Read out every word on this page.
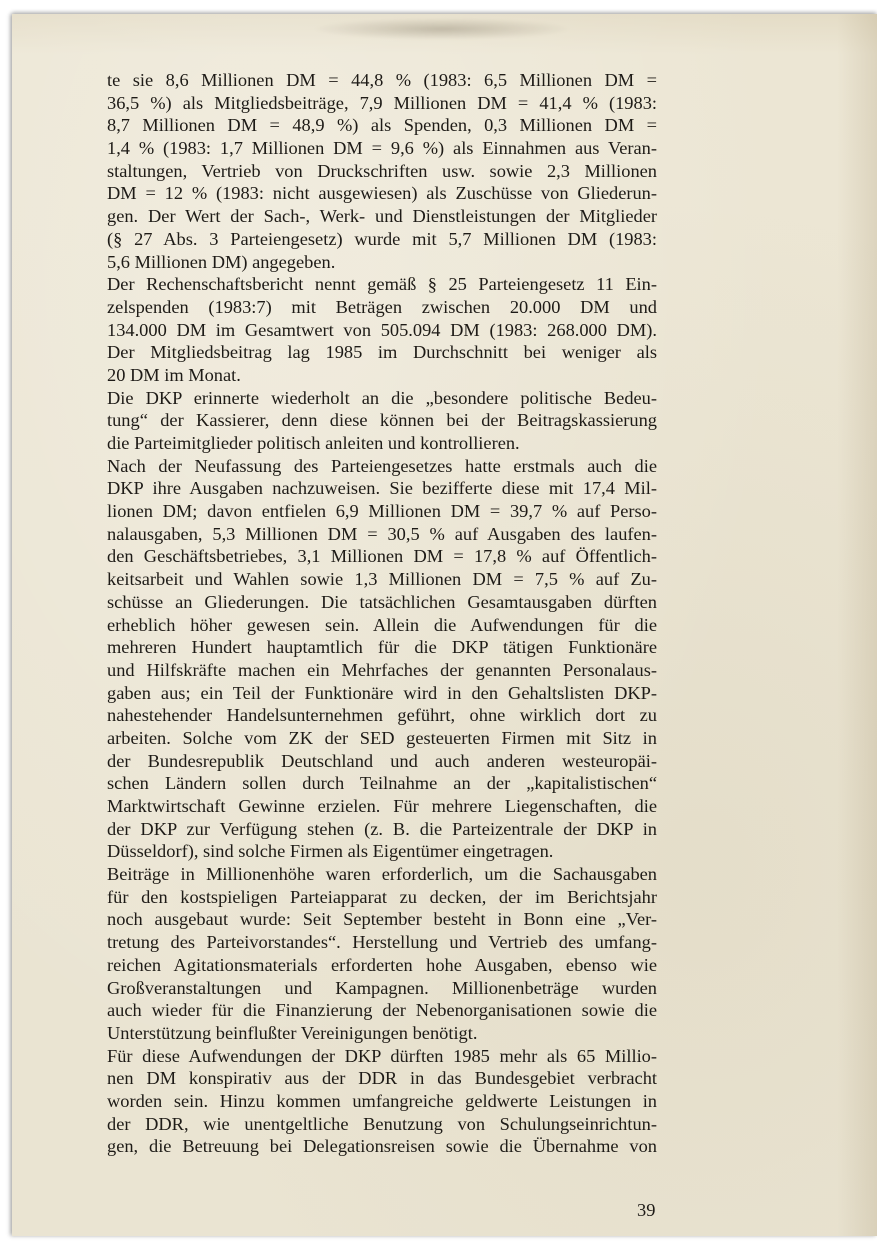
te sie 8,6 Millionen DM = 44,8 % (1983: 6,5 Millionen DM =
36,5 %) als Mitgliedsbeiträge, 7,9 Millionen DM = 41,4 % (1983:
8,7 Millionen DM = 48,9 %) als Spenden, 0,3 Millionen DM =
1,4 % (1983: 1,7 Millionen DM = 9,6 %) als Einnahmen aus Veran-
staltungen, Vertrieb von Druckschriften usw. sowie 2,3 Millionen
DM = 12 % (1983: nicht ausgewiesen) als Zuschüsse von Gliederun-
gen. Der Wert der Sach-, Werk- und Dienstleistungen der Mitglieder
(§ 27 Abs. 3 Parteiengesetz) wurde mit 5,7 Millionen DM (1983:
5,6 Millionen DM) angegeben.
Der Rechenschaftsbericht nennt gemäß § 25 Parteiengesetz 11 Ein-
zelspenden (1983:7) mit Beträgen zwischen 20.000 DM und
134.000 DM im Gesamtwert von 505.094 DM (1983: 268.000 DM).
Der Mitgliedsbeitrag lag 1985 im Durchschnitt bei weniger als
20 DM im Monat.
Die DKP erinnerte wiederholt an die „besondere politische Bedeu-
tung“ der Kassierer, denn diese können bei der Beitragskassierung
die Parteimitglieder politisch anleiten und kontrollieren.
Nach der Neufassung des Parteiengesetzes hatte erstmals auch die
DKP ihre Ausgaben nachzuweisen. Sie bezifferte diese mit 17,4 Mil-
lionen DM; davon entfielen 6,9 Millionen DM = 39,7 % auf Perso-
nalausgaben, 5,3 Millionen DM = 30,5 % auf Ausgaben des laufen-
den Geschäftsbetriebes, 3,1 Millionen DM = 17,8 % auf Öffentlich-
keitsarbeit und Wahlen sowie 1,3 Millionen DM = 7,5 % auf Zu-
schüsse an Gliederungen. Die tatsächlichen Gesamtausgaben dürften
erheblich höher gewesen sein. Allein die Aufwendungen für die
mehreren Hundert hauptamtlich für die DKP tätigen Funktionäre
und Hilfskräfte machen ein Mehrfaches der genannten Personalaus-
gaben aus; ein Teil der Funktionäre wird in den Gehaltslisten DKP-
nahestehender Handelsunternehmen geführt, ohne wirklich dort zu
arbeiten. Solche vom ZK der SED gesteuerten Firmen mit Sitz in
der Bundesrepublik Deutschland und auch anderen westeuropäi-
schen Ländern sollen durch Teilnahme an der „kapitalistischen“
Marktwirtschaft Gewinne erzielen. Für mehrere Liegenschaften, die
der DKP zur Verfügung stehen (z. B. die Parteizentrale der DKP in
Düsseldorf), sind solche Firmen als Eigentümer eingetragen.
Beiträge in Millionenhöhe waren erforderlich, um die Sachausgaben
für den kostspieligen Parteiapparat zu decken, der im Berichtsjahr
noch ausgebaut wurde: Seit September besteht in Bonn eine „Ver-
tretung des Parteivorstandes“. Herstellung und Vertrieb des umfang-
reichen Agitationsmaterials erforderten hohe Ausgaben, ebenso wie
Großveranstaltungen und Kampagnen. Millionenbeträge wurden
auch wieder für die Finanzierung der Nebenorganisationen sowie die
Unterstützung beinflußter Vereinigungen benötigt.
Für diese Aufwendungen der DKP dürften 1985 mehr als 65 Millio-
nen DM konspirativ aus der DDR in das Bundesgebiet verbracht
worden sein. Hinzu kommen umfangreiche geldwerte Leistungen in
der DDR, wie unentgeltliche Benutzung von Schulungseinrichtun-
gen, die Betreuung bei Delegationsreisen sowie die Übernahme von
39
